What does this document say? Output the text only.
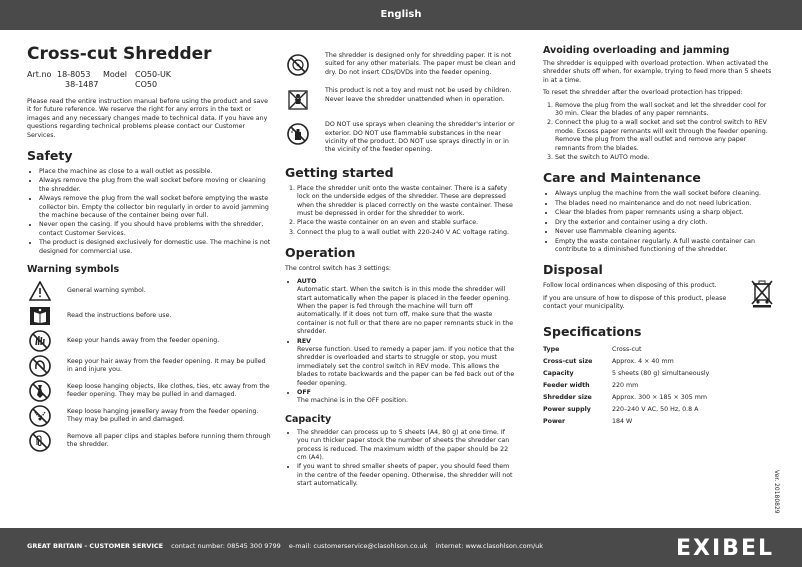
English
Cross-cut Shredder
Art.no 18-8053	Model CO50-UK
38-1487	CO50

Please read the entire instruction manual before using the product and save it for future reference. We reserve the right for any errors in the text or images and any necessary changes made to technical data. If you have any questions regarding technical problems please contact our Customer Services.

Safety
• Place the machine as close to a wall outlet as possible.
• Always remove the plug from the wall socket before moving or cleaning the shredder.
• Always remove the plug from the wall socket before emptying the waste collector bin. Empty the collector bin regularly in order to avoid jamming the machine because of the container being over full.
• Never open the casing. If you should have problems with the shredder, contact Customer Services.
• The product is designed exclusively for domestic use. The machine is not designed for commercial use.
Warning symbols
General warning symbol.
Read the instructions before use.
Keep your hands away from the feeder opening.
Keep your hair away from the feeder opening. It may be pulled in and injure you.
Keep loose hanging objects, like clothes, ties, etc away from the feeder opening. They may be pulled in and damaged.
Keep loose hanging jewellery away from the feeder opening. They may be pulled in and damaged.
Remove all paper clips and staples before running them through the shredder.
The shredder is designed only for shredding paper. It is not suited for any other materials. The paper must be clean and dry. Do not insert CDs/DVDs into the feeder opening.
This product is not a toy and must not be used by children. Never leave the shredder unattended when in operation.
DO NOT use sprays when cleaning the shredder's interior or exterior. DO NOT use flammable substances in the near vicinity of the product. DO NOT use sprays directly in or in the vicinity of the feeder opening.
Getting started
1. Place the shredder unit onto the waste container. There is a safety lock on the underside edges of the shredder. These are depressed when the shredder is placed correctly on the waste container. These must be depressed in order for the shredder to work.
2. Place the waste container on an even and stable surface.
3. Connect the plug to a wall outlet with 220-240 V AC voltage rating.
Operation

The control switch has 3 settings:

• AUTO
Automatic start. When the switch is in this mode the shredder will start automatically when the paper is placed in the feeder opening. When the paper is fed through the machine will turn off automatically. If it does not turn off, make sure that the waste container is not full or that there are no paper remnants stuck in the shredder.
• REV
Reverse function. Used to remedy a paper jam. If you notice that the shredder is overloaded and starts to struggle or stop, you must immediately set the control switch in REV mode. This allows the blades to rotate backwards and the paper can be fed back out of the feeder opening.
• OFF
The machine is in the OFF position.
Capacity
• The shredder can process up to 5 sheets (A4, 80 g) at one time. If you run thicker paper stock the number of sheets the shredder can process is reduced. The maximum width of the paper should be 22 cm (A4).
• If you want to shred smaller sheets of paper, you should feed them in the centre of the feeder opening. Otherwise, the shredder will not start automatically.
Avoiding overloading and jamming

The shredder is equipped with overload protection. When activated the shredder shuts off when, for example, trying to feed more than 5 sheets in at a time.

To reset the shredder after the overload protection has tripped:

1. Remove the plug from the wall socket and let the shredder cool for 30 min. Clear the blades of any paper remnants.
2. Connect the plug to a wall socket and set the control switch to REV mode. Excess paper remnants will exit through the feeder opening. Remove the plug from the wall outlet and remove any paper remnants from the blades.
3. Set the switch to AUTO mode.
Care and Maintenance
• Always unplug the machine from the wall socket before cleaning.
• The blades need no maintenance and do not need lubrication.
• Clear the blades from paper remnants using a sharp object.
• Dry the exterior and container using a dry cloth.
• Never use flammable cleaning agents.
• Empty the waste container regularly. A full waste container can contribute to a diminished functioning of the shredder.
Disposal

Follow local ordinances when disposing of this product.

If you are unsure of how to dispose of this product, please contact your municipality.

Specifications
Type	Cross-cut
Cross-cut size	Approx. 4 × 40 mm
Capacity	5 sheets (80 g) simultaneously
Feeder width	220 mm
Shredder size	Approx. 300 × 185 × 305 mm
Power supply	220–240 V AC, 50 Hz, 0.8 A
Power	184 W
Ver. 20180829
GREAT BRITAIN - CUSTOMER SERVICE contact number: 08545 300 9799 e-mail: customerservice@clasohlson.co.uk internet: www.clasohlson.com/uk	EXIBEL
